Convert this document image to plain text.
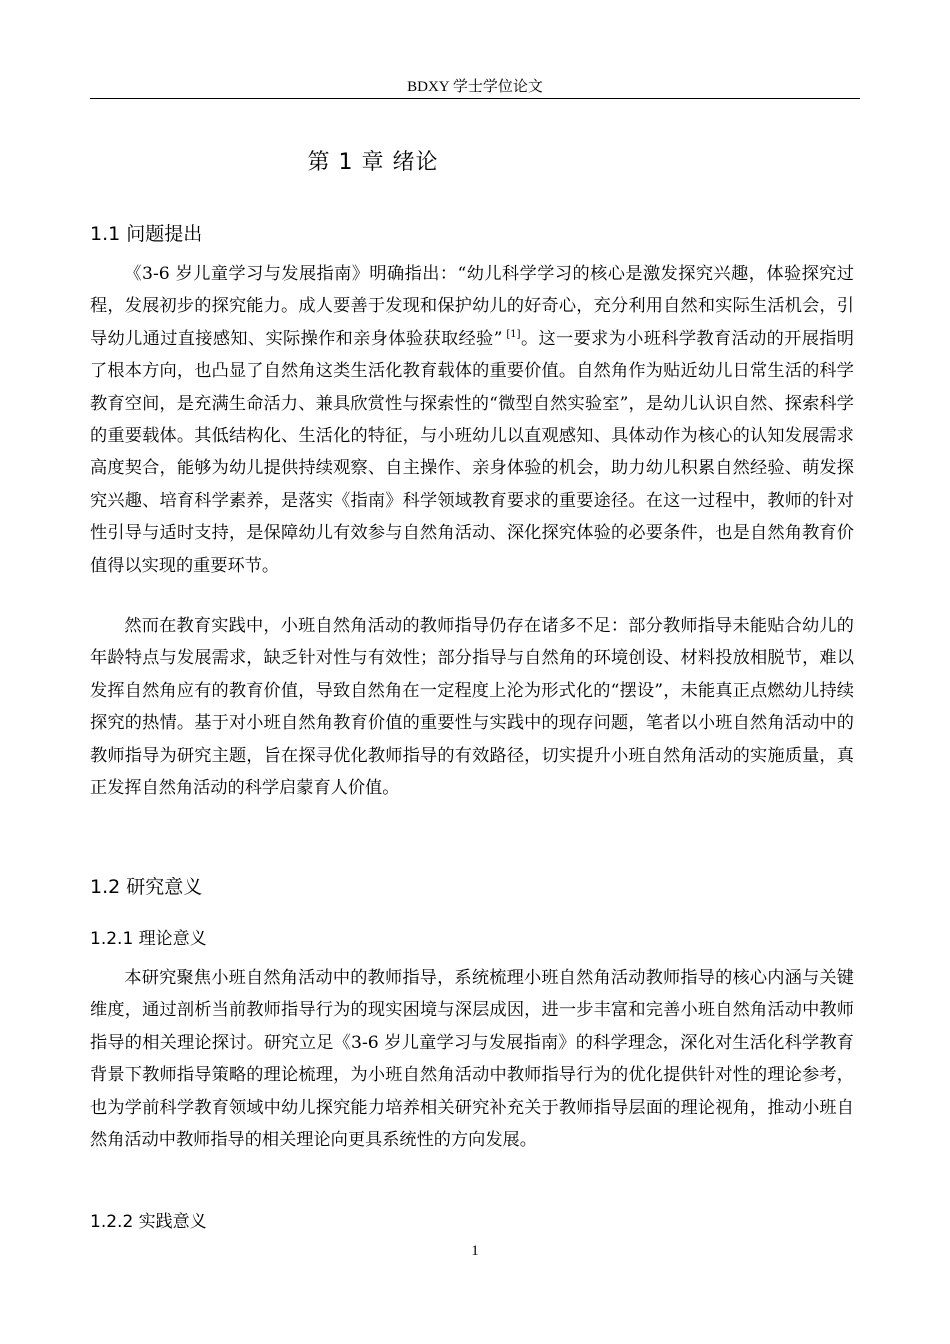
BDXY 学士学位论文
第 1 章 绪论
1.1 问题提出

《3-6 岁儿童学习与发展指南》明确指出：“幼儿科学学习的核心是激发探究兴趣，体验探究过程，发展初步的探究能力。成人要善于发现和保护幼儿的好奇心，充分利用自然和实际生活机会，引导幼儿通过直接感知、实际操作和亲身体验获取经验” [1]。这一要求为小班科学教育活动的开展指明了根本方向，也凸显了自然角这类生活化教育载体的重要价值。自然角作为贴近幼儿日常生活的科学教育空间，是充满生命活力、兼具欣赏性与探索性的“微型自然实验室”，是幼儿认识自然、探索科学的重要载体。其低结构化、生活化的特征，与小班幼儿以直观感知、具体动作为核心的认知发展需求高度契合，能够为幼儿提供持续观察、自主操作、亲身体验的机会，助力幼儿积累自然经验、萌发探究兴趣、培育科学素养，是落实《指南》科学领域教育要求的重要途径。在这一过程中，教师的针对性引导与适时支持，是保障幼儿有效参与自然角活动、深化探究体验的必要条件，也是自然角教育价值得以实现的重要环节。

然而在教育实践中，小班自然角活动的教师指导仍存在诸多不足：部分教师指导未能贴合幼儿的年龄特点与发展需求，缺乏针对性与有效性；部分指导与自然角的环境创设、材料投放相脱节，难以发挥自然角应有的教育价值，导致自然角在一定程度上沦为形式化的“摆设”，未能真正点燃幼儿持续探究的热情。基于对小班自然角教育价值的重要性与实践中的现存问题，笔者以小班自然角活动中的教师指导为研究主题，旨在探寻优化教师指导的有效路径，切实提升小班自然角活动的实施质量，真正发挥自然角活动的科学启蒙育人价值。

1.2 研究意义
1.2.1 理论意义

本研究聚焦小班自然角活动中的教师指导，系统梳理小班自然角活动教师指导的核心内涵与关键维度，通过剖析当前教师指导行为的现实困境与深层成因，进一步丰富和完善小班自然角活动中教师指导的相关理论探讨。研究立足《3-6 岁儿童学习与发展指南》的科学理念，深化对生活化科学教育背景下教师指导策略的理论梳理，为小班自然角活动中教师指导行为的优化提供针对性的理论参考，也为学前科学教育领域中幼儿探究能力培养相关研究补充关于教师指导层面的理论视角，推动小班自然角活动中教师指导的相关理论向更具系统性的方向发展。

1.2.2 实践意义
1
